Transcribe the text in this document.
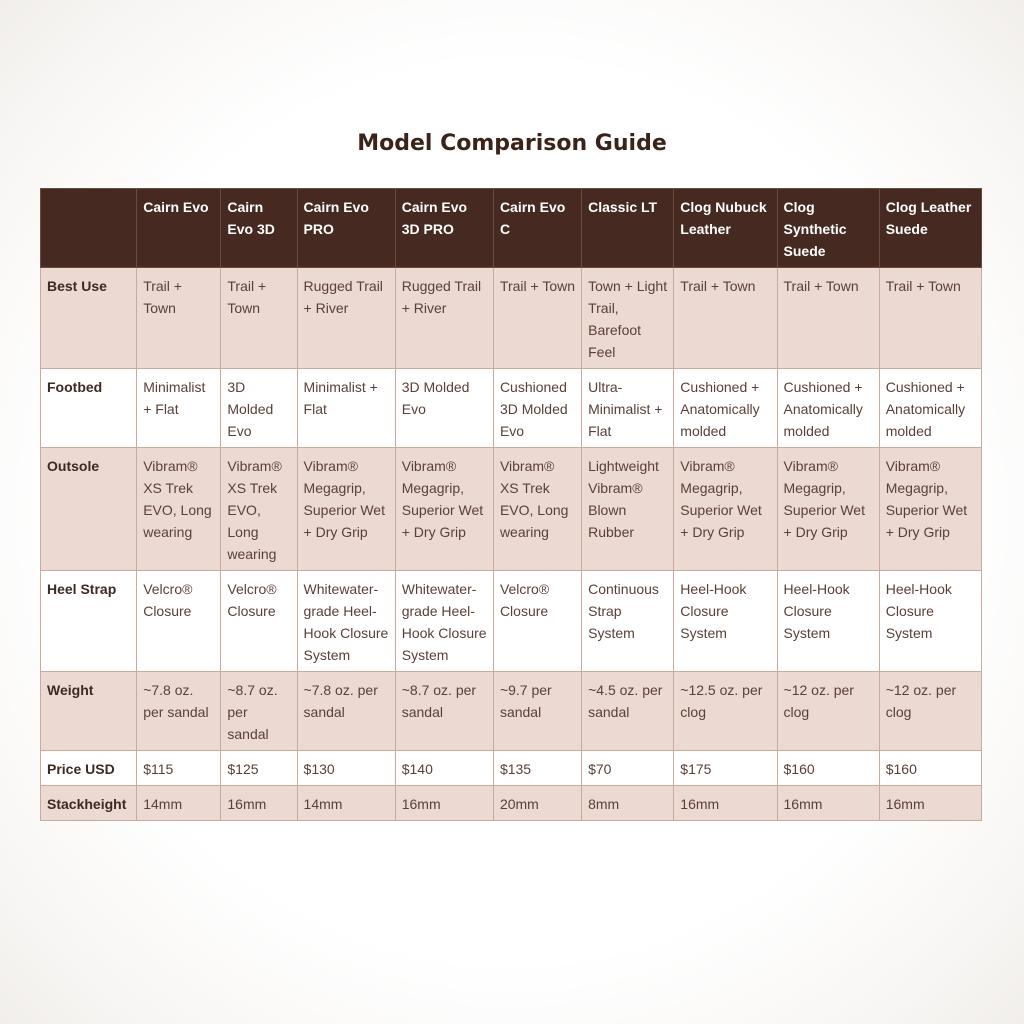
Model Comparison Guide
	Cairn Evo	Cairn Evo 3D	Cairn Evo PRO	Cairn Evo 3D PRO	Cairn Evo C	Classic LT	Clog Nubuck Leather	Clog Synthetic Suede	Clog Leather Suede
Best Use	Trail + Town	Trail + Town	Rugged Trail + River	Rugged Trail + River	Trail + Town	Town + Light Trail, Barefoot Feel	Trail + Town	Trail + Town	Trail + Town
Footbed	Minimalist + Flat	3D Molded Evo	Minimalist + Flat	3D Molded Evo	Cushioned 3D Molded Evo	Ultra-Minimalist + Flat	Cushioned + Anatomically molded	Cushioned + Anatomically molded	Cushioned + Anatomically molded
Outsole	Vibram® XS Trek EVO, Long wearing	Vibram® XS Trek EVO, Long wearing	Vibram® Megagrip, Superior Wet + Dry Grip	Vibram® Megagrip, Superior Wet + Dry Grip	Vibram® XS Trek EVO, Long wearing	Lightweight Vibram® Blown Rubber	Vibram® Megagrip, Superior Wet + Dry Grip	Vibram® Megagrip, Superior Wet + Dry Grip	Vibram® Megagrip, Superior Wet + Dry Grip
Heel Strap	Velcro® Closure	Velcro® Closure	Whitewater-grade Heel-Hook Closure System	Whitewater-grade Heel-Hook Closure System	Velcro® Closure	Continuous Strap System	Heel-Hook Closure System	Heel-Hook Closure System	Heel-Hook Closure System
Weight	~7.8 oz. per sandal	~8.7 oz. per sandal	~7.8 oz. per sandal	~8.7 oz. per sandal	~9.7 per sandal	~4.5 oz. per sandal	~12.5 oz. per clog	~12 oz. per clog	~12 oz. per clog
Price USD	$115	$125	$130	$140	$135	$70	$175	$160	$160
Stackheight	14mm	16mm	14mm	16mm	20mm	8mm	16mm	16mm	16mm
